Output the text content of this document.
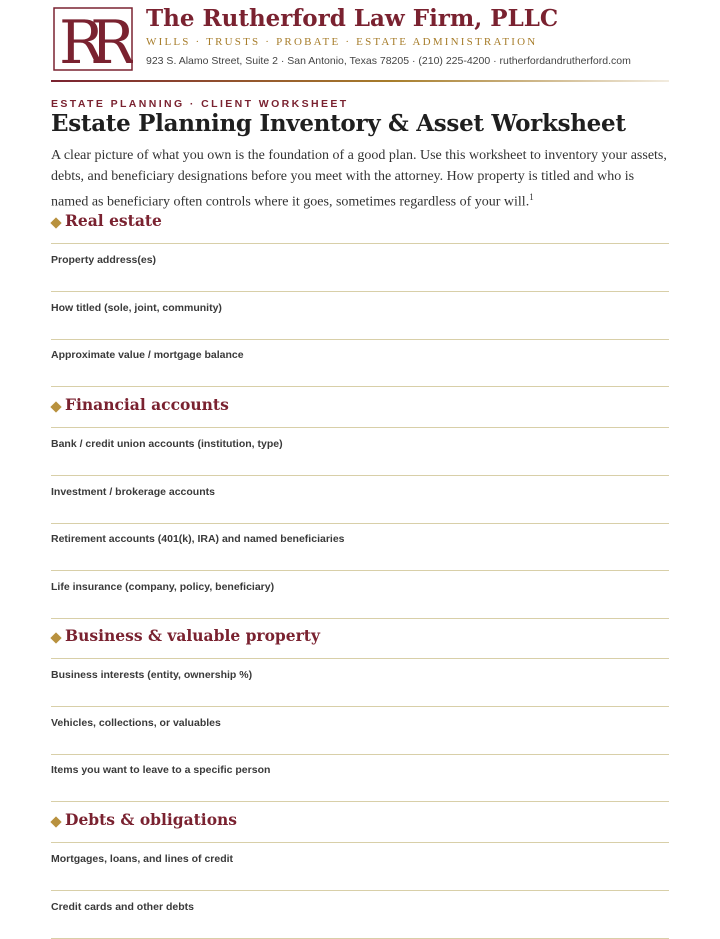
RR	The Rutherford Law Firm, PLLC
WILLS · TRUSTS · PROBATE · ESTATE ADMINISTRATION
923 S. Alamo Street, Suite 2 · San Antonio, Texas 78205 · (210) 225-4200 · rutherfordandrutherford.com
ESTATE PLANNING · CLIENT WORKSHEET
Estate Planning Inventory & Asset Worksheet
A clear picture of what you own is the foundation of a good plan. Use this worksheet to inventory your assets, debts, and beneficiary designations before you meet with the attorney. How property is titled and who is named as beneficiary often controls where it goes, sometimes regardless of your will.$^1$
Real estate
Property address(es)
How titled (sole, joint, community)
Approximate value / mortgage balance
Financial accounts
Bank / credit union accounts (institution, type)
Investment / brokerage accounts
Retirement accounts (401(k), IRA) and named beneficiaries
Life insurance (company, policy, beneficiary)
Business & valuable property
Business interests (entity, ownership %)
Vehicles, collections, or valuables
Items you want to leave to a specific person
Debts & obligations
Mortgages, loans, and lines of credit
Credit cards and other debts
